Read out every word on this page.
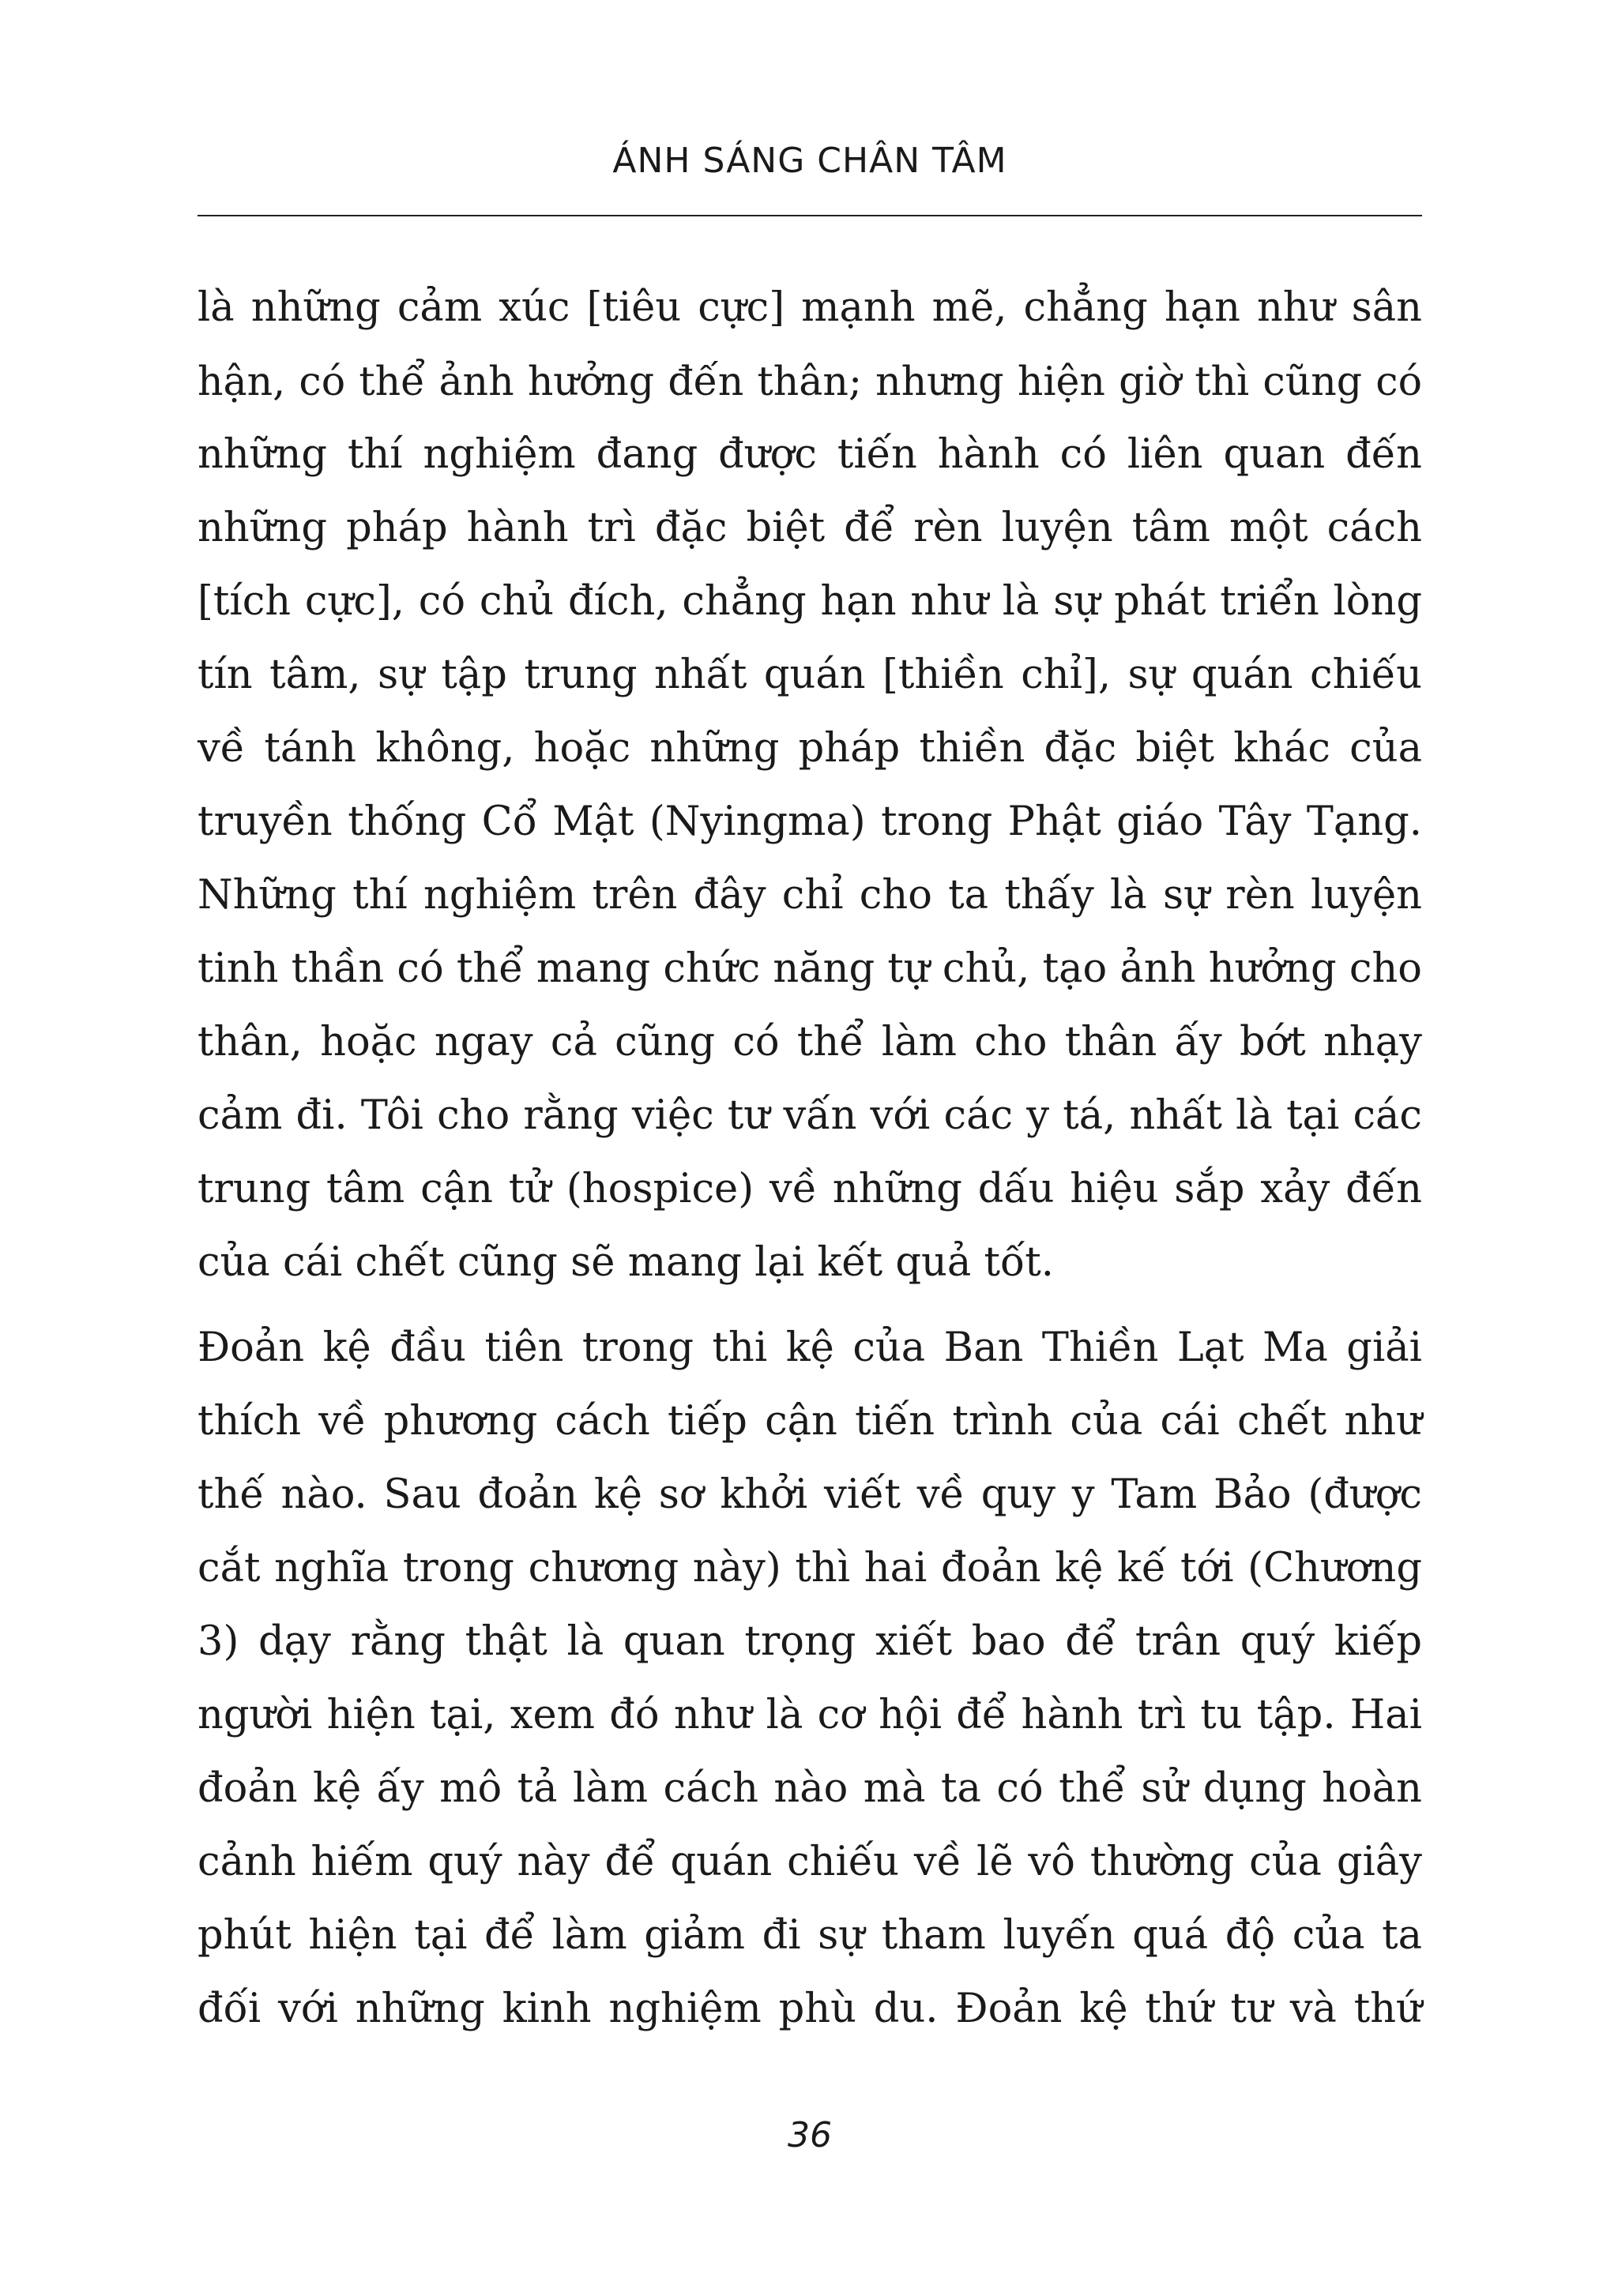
ÁNH SÁNG CHÂN TÂM
là những cảm xúc [tiêu cực] mạnh mẽ, chẳng hạn như sân
hận, có thể ảnh hưởng đến thân; nhưng hiện giờ thì cũng có
những thí nghiệm đang được tiến hành có liên quan đến
những pháp hành trì đặc biệt để rèn luyện tâm một cách
[tích cực], có chủ đích, chẳng hạn như là sự phát triển lòng
tín tâm, sự tập trung nhất quán [thiền chỉ], sự quán chiếu
về tánh không, hoặc những pháp thiền đặc biệt khác của
truyền thống Cổ Mật (Nyingma) trong Phật giáo Tây Tạng.
Những thí nghiệm trên đây chỉ cho ta thấy là sự rèn luyện
tinh thần có thể mang chức năng tự chủ, tạo ảnh hưởng cho
thân, hoặc ngay cả cũng có thể làm cho thân ấy bớt nhạy
cảm đi. Tôi cho rằng việc tư vấn với các y tá, nhất là tại các
trung tâm cận tử (hospice) về những dấu hiệu sắp xảy đến
của cái chết cũng sẽ mang lại kết quả tốt.
Đoản kệ đầu tiên trong thi kệ của Ban Thiền Lạt Ma giải
thích về phương cách tiếp cận tiến trình của cái chết như
thế nào. Sau đoản kệ sơ khởi viết về quy y Tam Bảo (được
cắt nghĩa trong chương này) thì hai đoản kệ kế tới (Chương
3) dạy rằng thật là quan trọng xiết bao để trân quý kiếp
người hiện tại, xem đó như là cơ hội để hành trì tu tập. Hai
đoản kệ ấy mô tả làm cách nào mà ta có thể sử dụng hoàn
cảnh hiếm quý này để quán chiếu về lẽ vô thường của giây
phút hiện tại để làm giảm đi sự tham luyến quá độ của ta
đối với những kinh nghiệm phù du. Đoản kệ thứ tư và thứ
36
